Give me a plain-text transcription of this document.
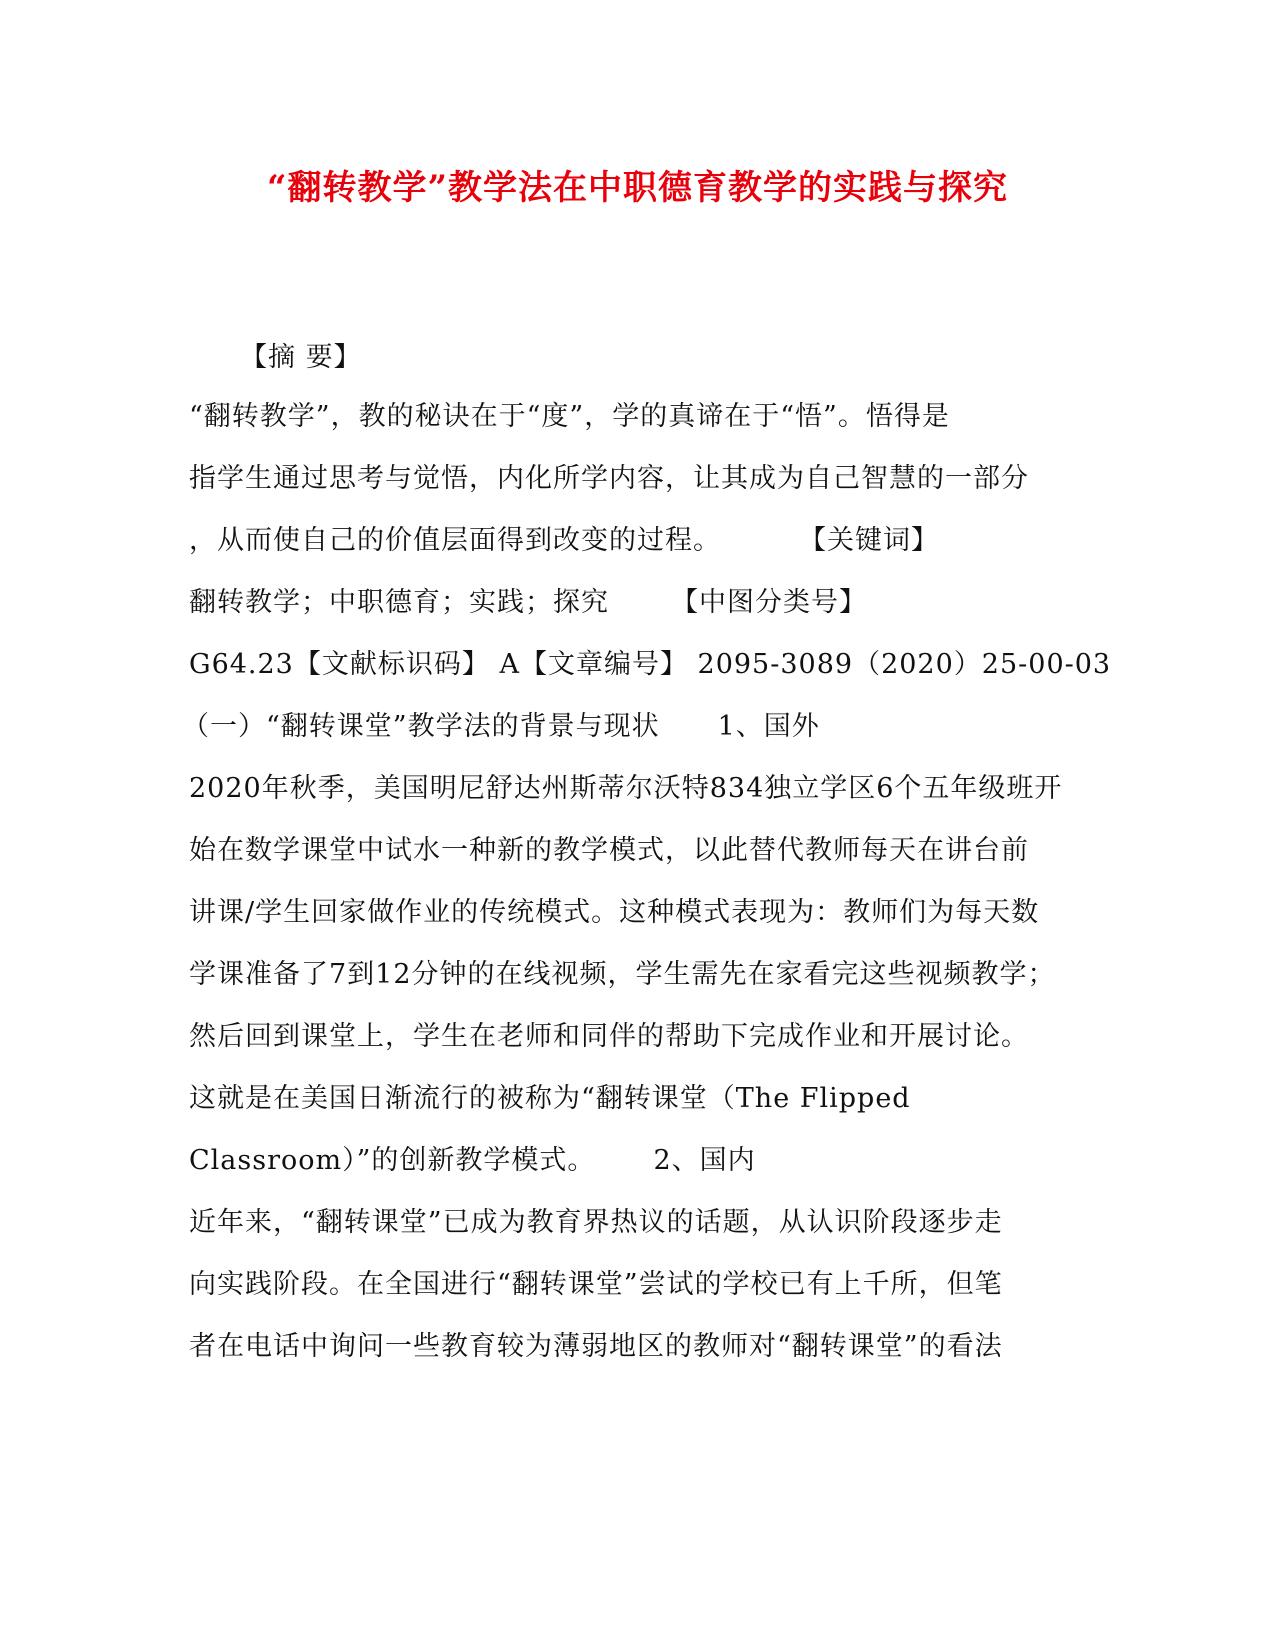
“翻转教学”教学法在中职德育教学的实践与探究
【摘 要】
“翻转教学”，教的秘诀在于“度”，学的真谛在于“悟”。悟得是
指学生通过思考与觉悟，内化所学内容，让其成为自己智慧的一部分
，从而使自己的价值层面得到改变的过程。	【关键词】
翻转教学；中职德育；实践；探究 【中图分类号】
G64.23【文献标识码】 A【文章编号】 2095-3089（2020）25-00-03
（一）“翻转课堂”教学法的背景与现状 1、国外
2020年秋季，美国明尼舒达州斯蒂尔沃特834独立学区6个五年级班开
始在数学课堂中试水一种新的教学模式，以此替代教师每天在讲台前
讲课/学生回家做作业的传统模式。这种模式表现为：教师们为每天数
学课准备了7到12分钟的在线视频，学生需先在家看完这些视频教学；
然后回到课堂上，学生在老师和同伴的帮助下完成作业和开展讨论。
这就是在美国日渐流行的被称为“翻转课堂（The Flipped
Classroom）”的创新教学模式。 2、国内
近年来，“翻转课堂”已成为教育界热议的话题，从认识阶段逐步走
向实践阶段。在全国进行“翻转课堂”尝试的学校已有上千所，但笔
者在电话中询问一些教育较为薄弱地区的教师对“翻转课堂”的看法
